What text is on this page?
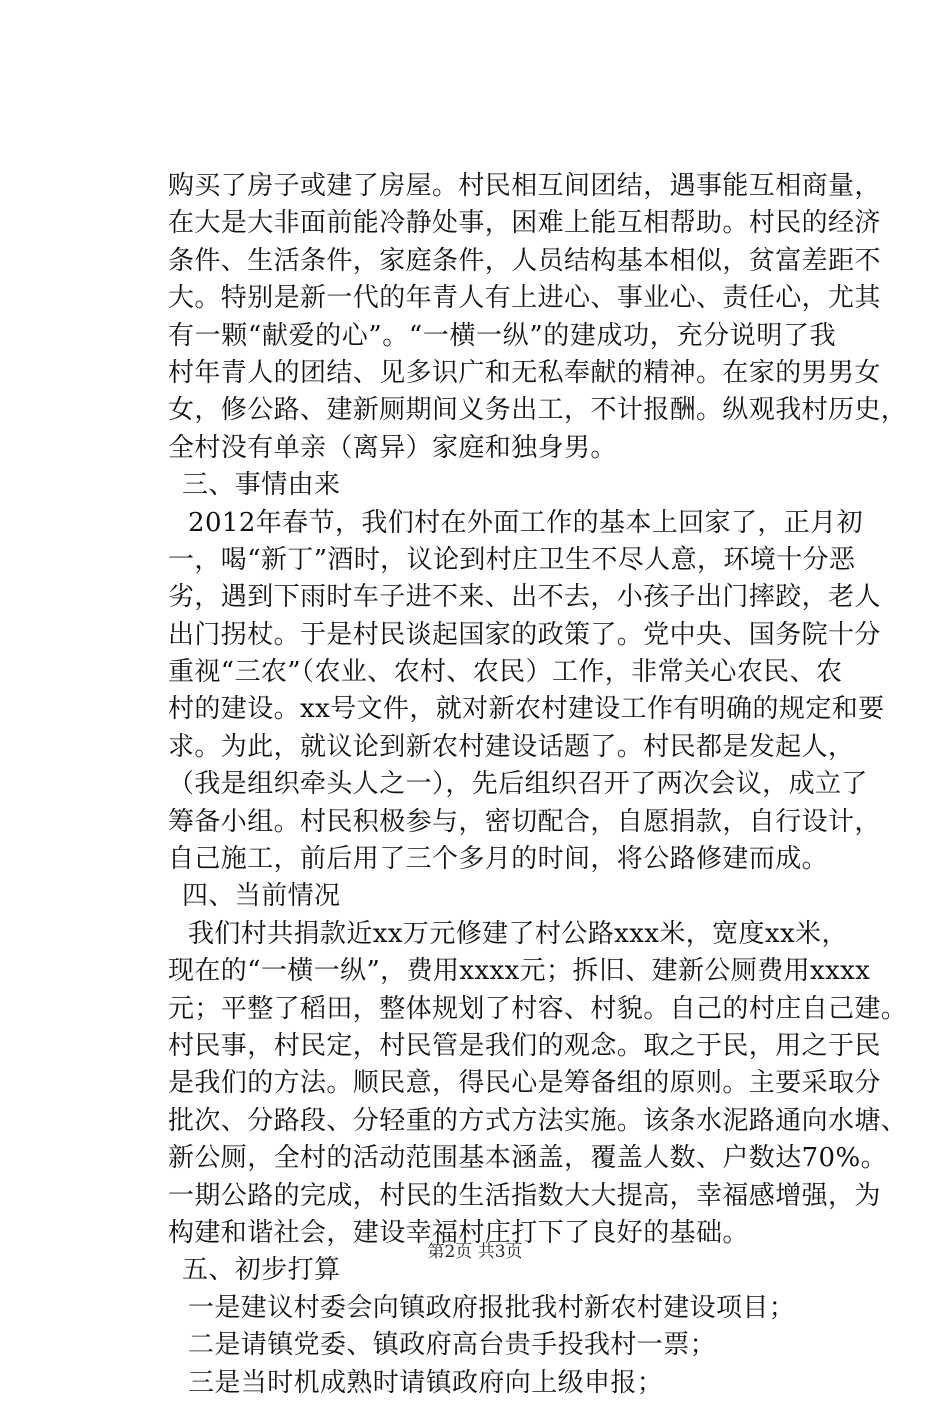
购买了房子或建了房屋。村民相互间团结，遇事能互相商量，
在大是大非面前能冷静处事，困难上能互相帮助。村民的经济
条件、生活条件，家庭条件，人员结构基本相似，贫富差距不
大。特别是新一代的年青人有上进心、事业心、责任心，尤其
有一颗“献爱的心”。“一横一纵”的建成功，充分说明了我
村年青人的团结、见多识广和无私奉献的精神。在家的男男女
女，修公路、建新厕期间义务出工，不计报酬。纵观我村历史，
全村没有单亲（离异）家庭和独身男。
三、事情由来
2012年春节，我们村在外面工作的基本上回家了，正月初
一，喝“新丁”酒时，议论到村庄卫生不尽人意，环境十分恶
劣，遇到下雨时车子进不来、出不去，小孩子出门摔跤，老人
出门拐杖。于是村民谈起国家的政策了。党中央、国务院十分
重视“三农”（农业、农村、农民）工作，非常关心农民、农
村的建设。xx号文件，就对新农村建设工作有明确的规定和要
求。为此，就议论到新农村建设话题了。村民都是发起人，
（我是组织牵头人之一），先后组织召开了两次会议，成立了
筹备小组。村民积极参与，密切配合，自愿捐款，自行设计，
自己施工，前后用了三个多月的时间，将公路修建而成。
四、当前情况
我们村共捐款近xx万元修建了村公路xxx米，宽度xx米，
现在的“一横一纵”，费用xxxx元；拆旧、建新公厕费用xxxx
元；平整了稻田，整体规划了村容、村貌。自己的村庄自己建。
村民事，村民定，村民管是我们的观念。取之于民，用之于民
是我们的方法。顺民意，得民心是筹备组的原则。主要采取分
批次、分路段、分轻重的方式方法实施。该条水泥路通向水塘、
新公厕，全村的活动范围基本涵盖，覆盖人数、户数达70%。
一期公路的完成，村民的生活指数大大提高，幸福感增强，为
构建和谐社会，建设幸福村庄打下了良好的基础。
五、初步打算
一是建议村委会向镇政府报批我村新农村建设项目；
二是请镇党委、镇政府高台贵手投我村一票；
三是当时机成熟时请镇政府向上级申报；
第2页 共3页
